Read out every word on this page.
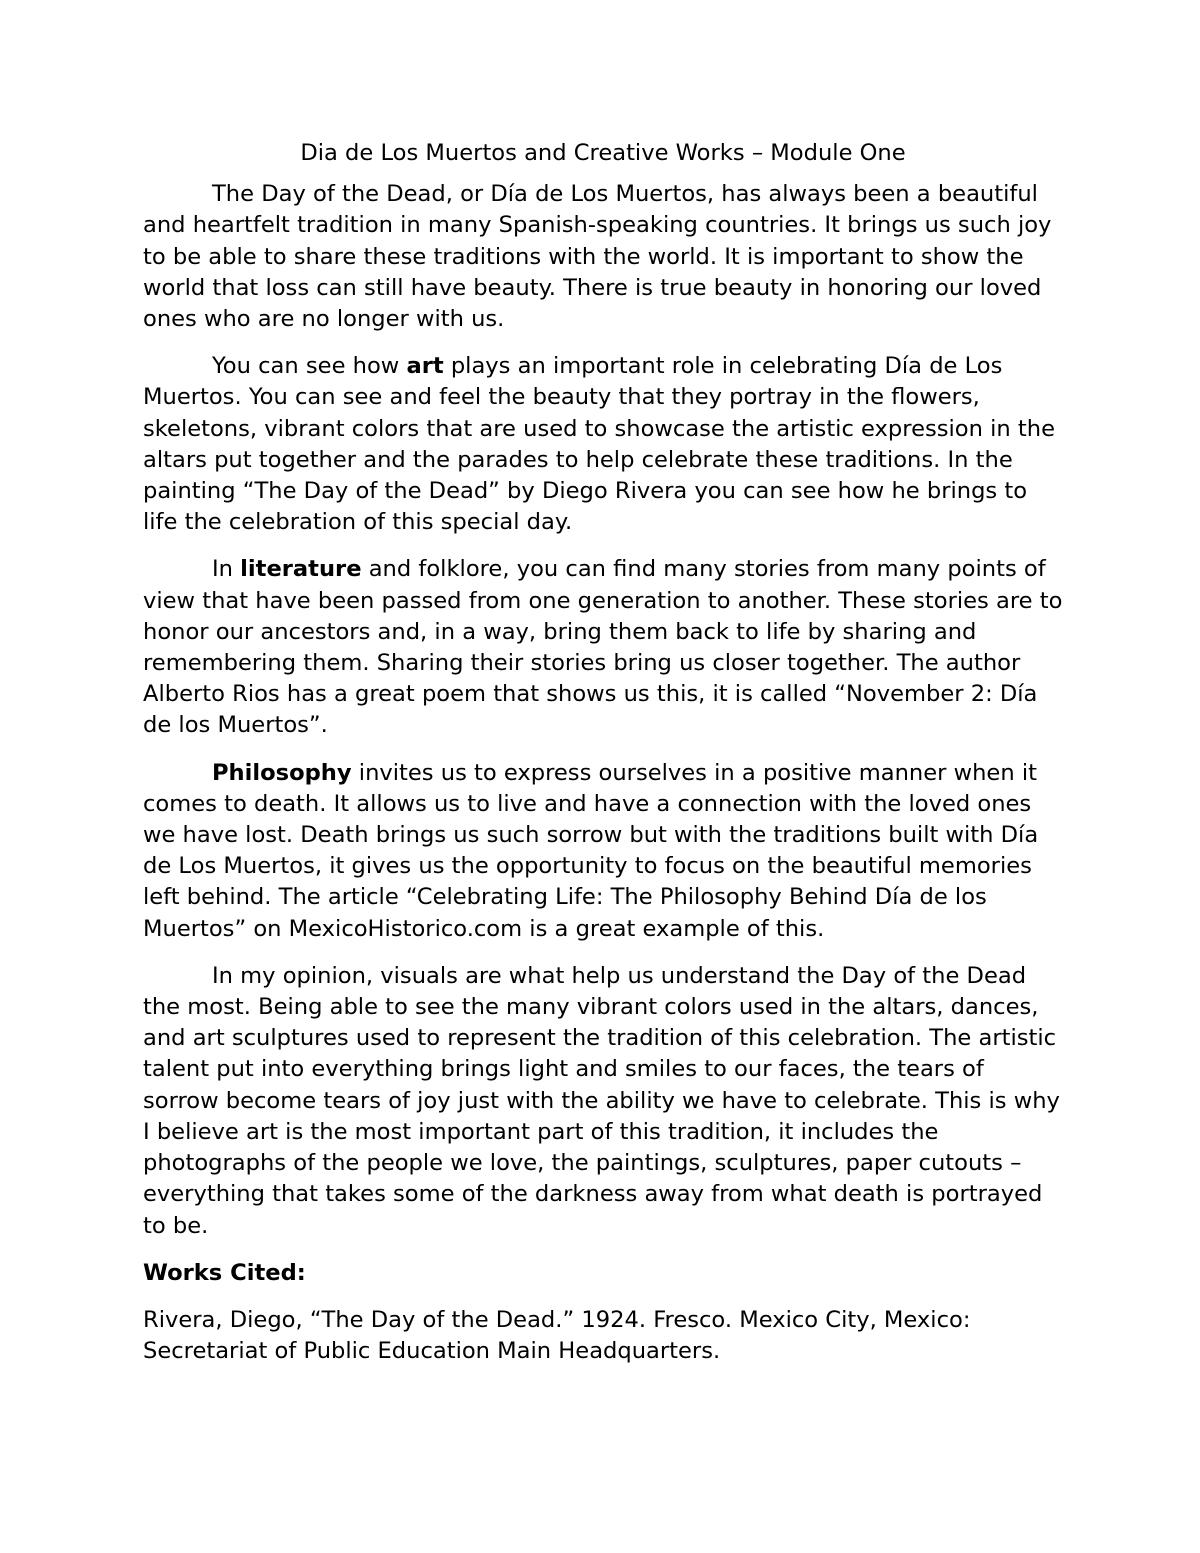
Dia de Los Muertos and Creative Works – Module One

The Day of the Dead, or Día de Los Muertos, has always been a beautiful and heartfelt tradition in many Spanish-speaking countries. It brings us such joy to be able to share these traditions with the world. It is important to show the world that loss can still have beauty. There is true beauty in honoring our loved ones who are no longer with us.

You can see how art plays an important role in celebrating Día de Los Muertos. You can see and feel the beauty that they portray in the flowers, skeletons, vibrant colors that are used to showcase the artistic expression in the altars put together and the parades to help celebrate these traditions. In the painting “The Day of the Dead” by Diego Rivera you can see how he brings to life the celebration of this special day.

In literature and folklore, you can find many stories from many points of view that have been passed from one generation to another. These stories are to honor our ancestors and, in a way, bring them back to life by sharing and remembering them. Sharing their stories bring us closer together. The author Alberto Rios has a great poem that shows us this, it is called “November 2: Día de los Muertos”.

Philosophy invites us to express ourselves in a positive manner when it comes to death. It allows us to live and have a connection with the loved ones we have lost. Death brings us such sorrow but with the traditions built with Día de Los Muertos, it gives us the opportunity to focus on the beautiful memories left behind. The article “Celebrating Life: The Philosophy Behind Día de los Muertos” on MexicoHistorico.com is a great example of this.

In my opinion, visuals are what help us understand the Day of the Dead the most. Being able to see the many vibrant colors used in the altars, dances, and art sculptures used to represent the tradition of this celebration. The artistic talent put into everything brings light and smiles to our faces, the tears of sorrow become tears of joy just with the ability we have to celebrate. This is why I believe art is the most important part of this tradition, it includes the photographs of the people we love, the paintings, sculptures, paper cutouts – everything that takes some of the darkness away from what death is portrayed to be.

Works Cited:

Rivera, Diego, “The Day of the Dead.” 1924. Fresco. Mexico City, Mexico: Secretariat of Public Education Main Headquarters.
